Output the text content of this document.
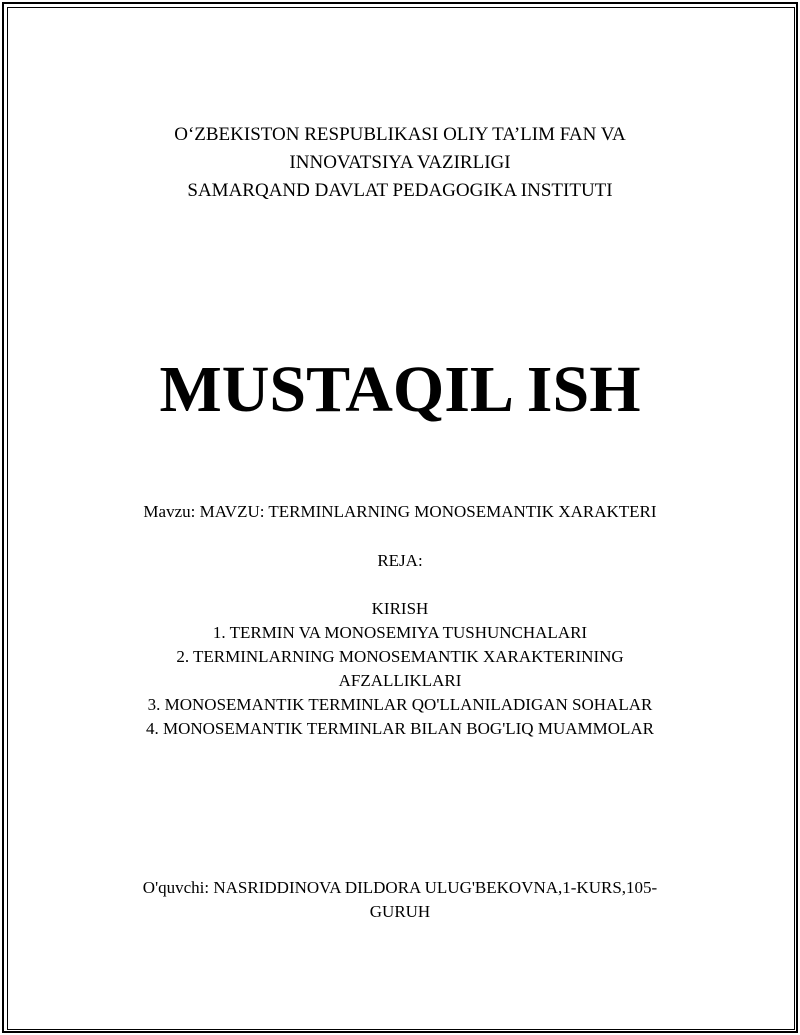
O‘ZBEKISTON RESPUBLIKASI OLIY TA’LIM FAN VA
INNOVATSIYA VAZIRLIGI
SAMARQAND DAVLAT PEDAGOGIKA INSTITUTI
MUSTAQIL ISH
Mavzu: MAVZU: TERMINLARNING MONOSEMANTIK XARAKTERI
REJA:
KIRISH
1. TERMIN VA MONOSEMIYA TUSHUNCHALARI
2. TERMINLARNING MONOSEMANTIK XARAKTERINING
AFZALLIKLARI
3. MONOSEMANTIK TERMINLAR QO'LLANILADIGAN SOHALAR
4. MONOSEMANTIK TERMINLAR BILAN BOG'LIQ MUAMMOLAR
O'quvchi: NASRIDDINOVA DILDORA ULUG'BEKOVNA,1-KURS,105-
GURUH
